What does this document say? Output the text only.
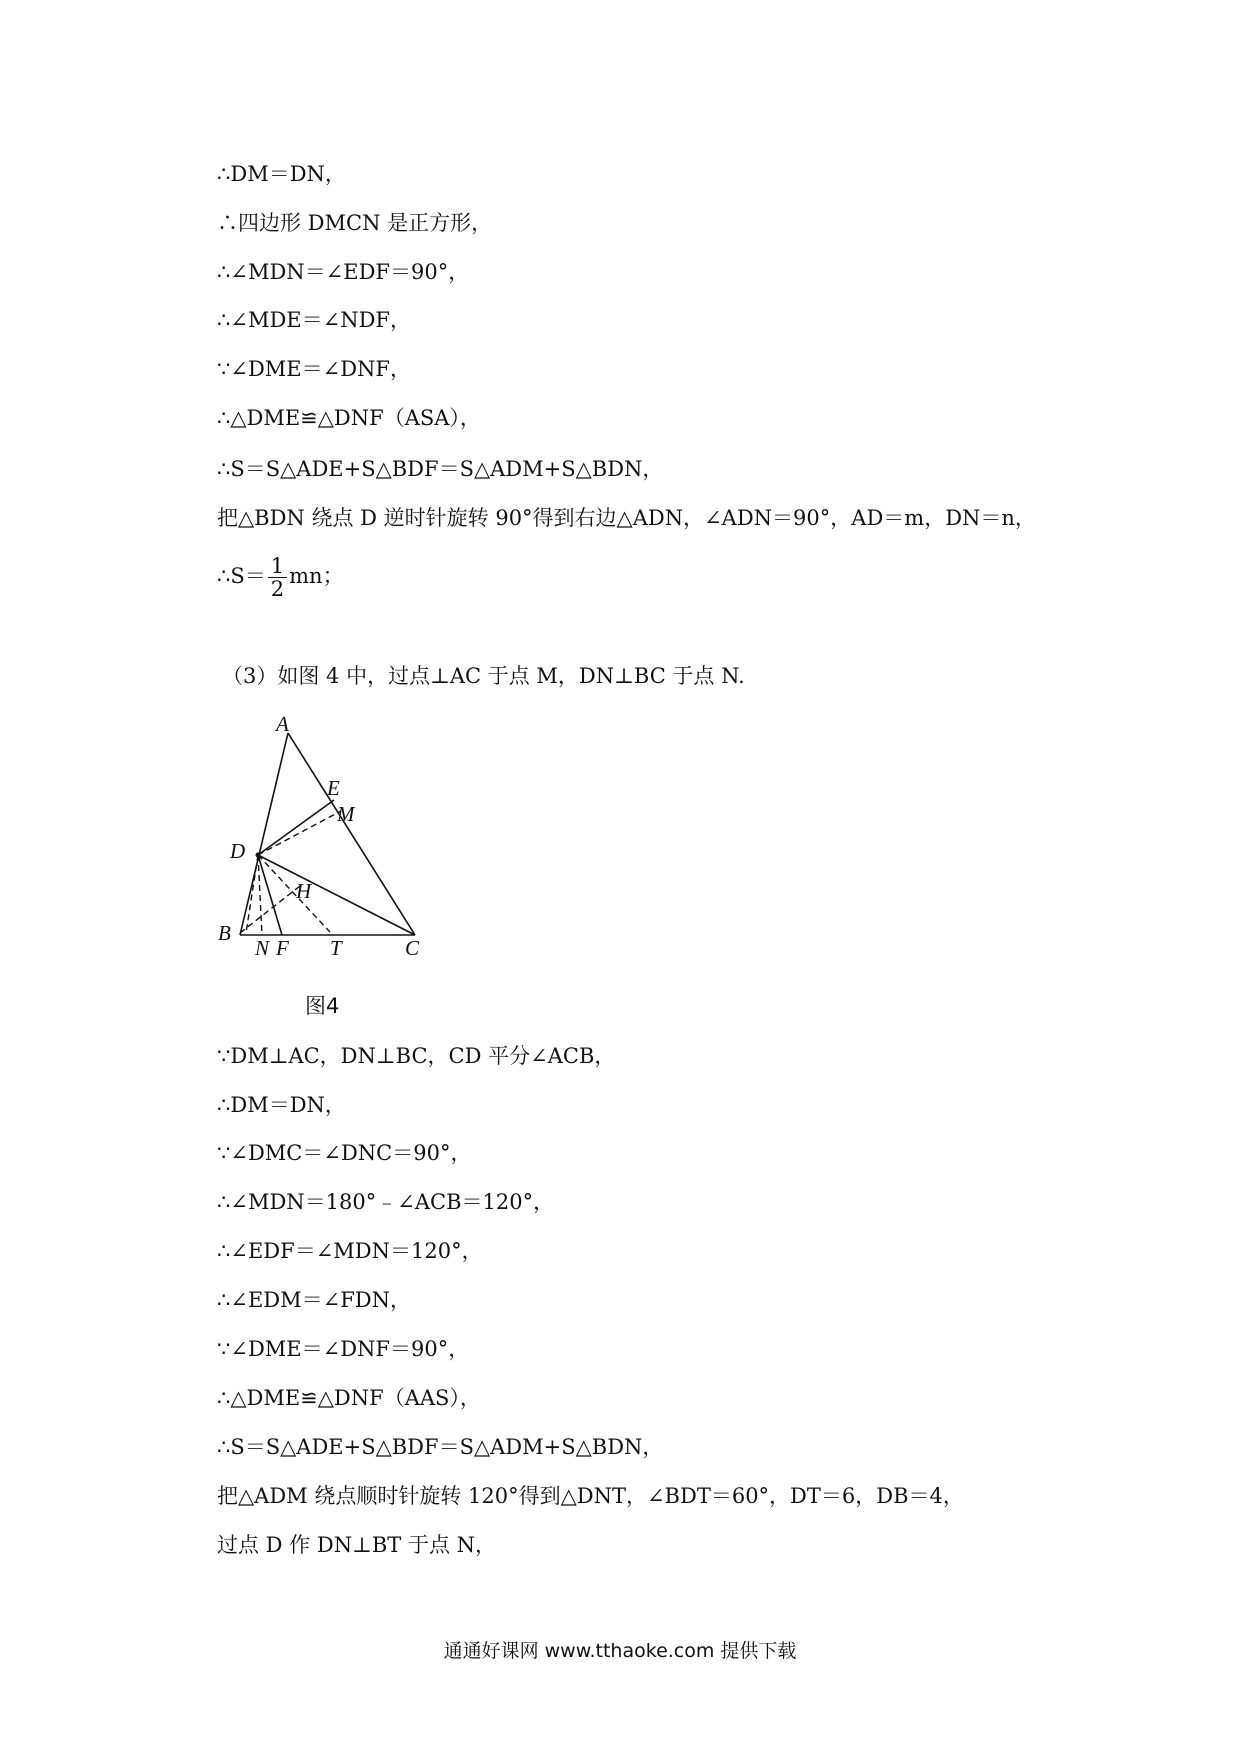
∴DM＝DN，
∴四边形 DMCN 是正方形，
∴∠MDN＝∠EDF＝90°，
∴∠MDE＝∠NDF，
∵∠DME＝∠DNF，
∴△DME≌△DNF（ASA），
∴S＝S△ADE+S△BDF＝S△ADM+S△BDN，
把△BDN 绕点 D 逆时针旋转 90°得到右边△ADN，∠ADN＝90°，AD＝m，DN＝n，
∴S＝ $\frac{1}{2}$ mn；
（3）如图 4 中，过点⊥AC 于点 M，DN⊥BC 于点 N.
A
E
M
D
H
B
N F T	C
图4
∵DM⊥AC，DN⊥BC，CD 平分∠ACB，
∴DM＝DN，
∵∠DMC＝∠DNC＝90°，
∴∠MDN＝180°﹣∠ACB＝120°，
∴∠EDF＝∠MDN＝120°，
∴∠EDM＝∠FDN，
∵∠DME＝∠DNF＝90°，
∴△DME≌△DNF（AAS），
∴S＝S△ADE+S△BDF＝S△ADM+S△BDN，
把△ADM 绕点顺时针旋转 120°得到△DNT，∠BDT＝60°，DT＝6，DB＝4，
过点 D 作 DN⊥BT 于点 N，
通通好课网 www.tthaoke.com 提供下载
